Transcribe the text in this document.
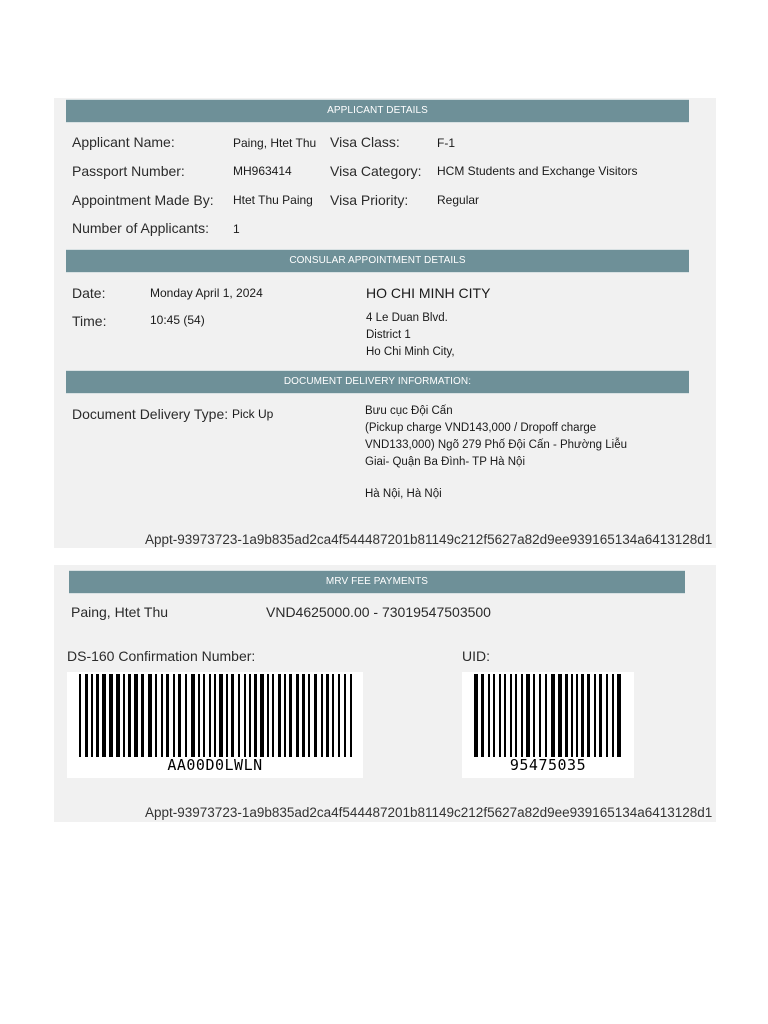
APPLICANT DETAILS
Applicant Name:	Paing, Htet Thu
Passport Number:	MH963414
Appointment Made By: Htet Thu Paing
Number of Applicants: 1
Visa Class:	F-1
Visa Category: HCM Students and Exchange Visitors
Visa Priority: Regular
CONSULAR APPOINTMENT DETAILS
Date:	Monday April 1, 2024
Time:	10:45 (54)
HO CHI MINH CITY
4 Le Duan Blvd.
District 1
Ho Chi Minh City,
DOCUMENT DELIVERY INFORMATION:
Document Delivery Type: Pick Up	Bưu cục Đội Cấn
(Pickup charge VND143,000 / Dropoff charge
VND133,000) Ngõ 279 Phố Đội Cấn - Phường Liễu
Giai- Quận Ba Đình- TP Hà Nội
Hà Nội, Hà Nội
Appt-93973723-1a9b835ad2ca4f544487201b81149c212f5627a82d9ee939165134a6413128d1
MRV FEE PAYMENTS
Paing, Htet Thu	VND4625000.00 - 73019547503500
DS-160 Confirmation Number:	UID:
AA00D0LWLN	95475035
Appt-93973723-1a9b835ad2ca4f544487201b81149c212f5627a82d9ee939165134a6413128d1
